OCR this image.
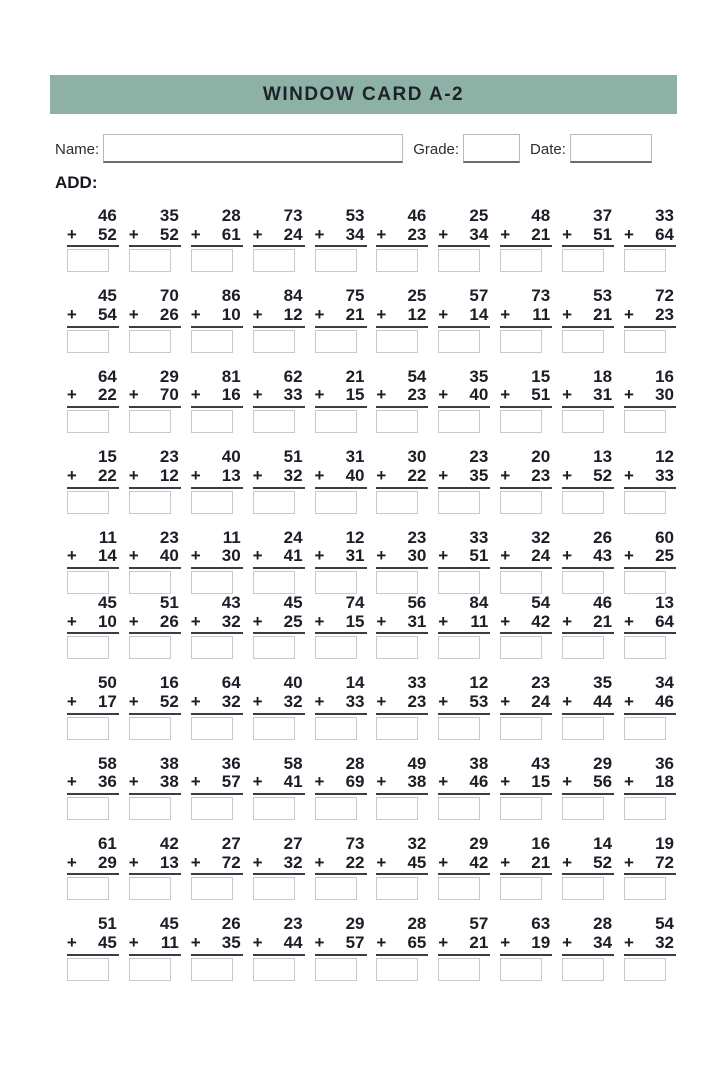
WINDOW CARD A-2
Name:	Grade:	Date:
ADD:
46
+ 52
35
+ 52
28
+ 61
73
+ 24
53
+ 34
46
+ 23
25
+ 34
48
+ 21
37
+ 51
33
+ 64
45
+ 54
70
+ 26
86
+ 10
84
+ 12
75
+ 21
25
+ 12
57
+ 14
73
+ 11
53
+ 21
72
+ 23
64
+ 22
29
+ 70
81
+ 16
62
+ 33
21
+ 15
54
+ 23
35
+ 40
15
+ 51
18
+ 31
16
+ 30
15
+ 22
23
+ 12
40
+ 13
51
+ 32
31
+ 40
30
+ 22
23
+ 35
20
+ 23
13
+ 52
12
+ 33
11
+ 14
23
+ 40
11
+ 30
24
+ 41
12
+ 31
23
+ 30
33
+ 51
32
+ 24
26
+ 43
60
+ 25
45
+ 10
51
+ 26
43
+ 32
45
+ 25
74
+ 15
56
+ 31
84
+ 11
54
+ 42
46
+ 21
13
+ 64
50
+ 17
16
+ 52
64
+ 32
40
+ 32
14
+ 33
33
+ 23
12
+ 53
23
+ 24
35
+ 44
34
+ 46
58
+ 36
38
+ 38
36
+ 57
58
+ 41
28
+ 69
49
+ 38
38
+ 46
43
+ 15
29
+ 56
36
+ 18
61
+ 29
42
+ 13
27
+ 72
27
+ 32
73
+ 22
32
+ 45
29
+ 42
16
+ 21
14
+ 52
19
+ 72
51
+ 45
45
+ 11
26
+ 35
23
+ 44
29
+ 57
28
+ 65
57
+ 21
63
+ 19
28
+ 34
54
+ 32
